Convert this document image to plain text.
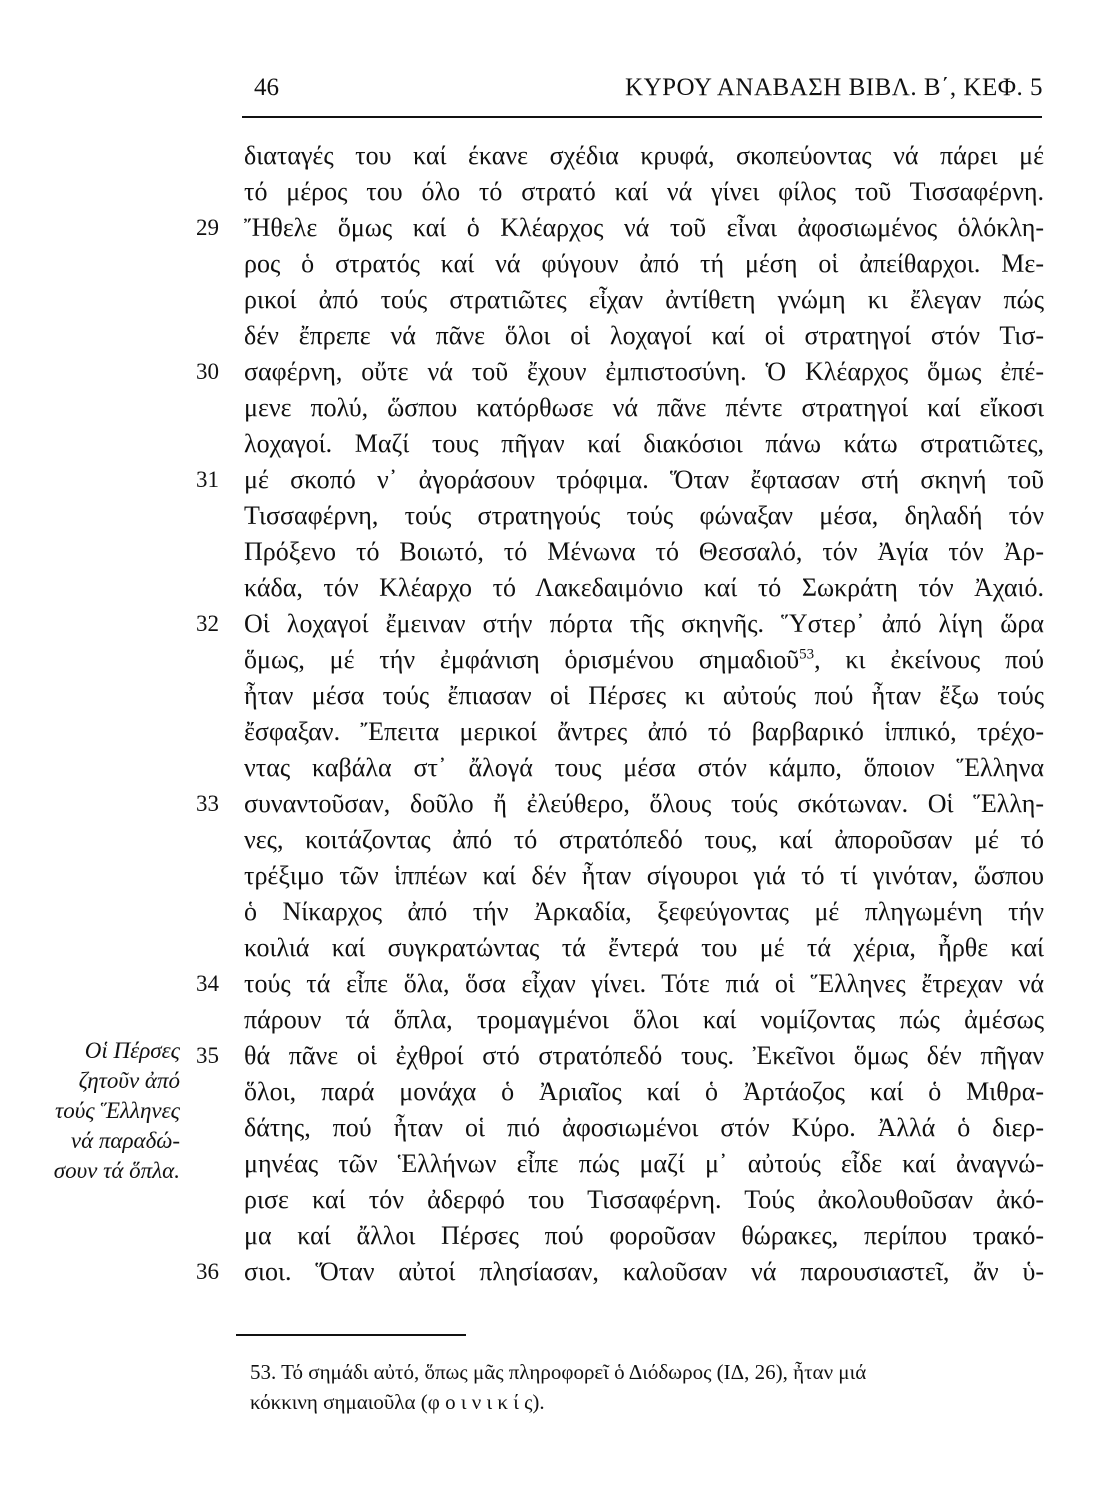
46	ΚΥΡΟΥ ΑΝΑΒΑΣΗ ΒΙΒΛ. Β΄, ΚΕΦ. 5
διαταγές του καί έκανε σχέδια κρυφά, σκοπεύοντας νά πάρει μέ
τό μέρος του όλο τό στρατό καί νά γίνει φίλος τοῦ Τισσαφέρνη.
Ἤθελε ὅμως καί ὁ Κλέαρχος νά τοῦ εἶναι ἀφοσιωμένος ὁλόκλη-
ρος ὁ στρατός καί νά φύγουν ἀπό τή μέση οἱ ἀπείθαρχοι. Με-
ρικοί ἀπό τούς στρατιῶτες εἶχαν ἀντίθετη γνώμη κι ἔλεγαν πώς
δέν ἔπρεπε νά πᾶνε ὅλοι οἱ λοχαγοί καί οἱ στρατηγοί στόν Τισ-
σαφέρνη, οὔτε νά τοῦ ἔχουν ἐμπιστοσύνη. Ὁ Κλέαρχος ὅμως ἐπέ-
μενε πολύ, ὥσπου κατόρθωσε νά πᾶνε πέντε στρατηγοί καί εἴκοσι
λοχαγοί. Μαζί τους πῆγαν καί διακόσιοι πάνω κάτω στρατιῶτες,
μέ σκοπό ν᾽ ἀγοράσουν τρόφιμα. Ὅταν ἔφτασαν στή σκηνή τοῦ
Τισσαφέρνη, τούς στρατηγούς τούς φώναξαν μέσα, δηλαδή τόν
Πρόξενο τό Βοιωτό, τό Μένωνα τό Θεσσαλό, τόν Ἀγία τόν Ἀρ-
κάδα, τόν Κλέαρχο τό Λακεδαιμόνιο καί τό Σωκράτη τόν Ἀχαιό.
Οἱ λοχαγοί ἔμειναν στήν πόρτα τῆς σκηνῆς. Ὕστερ᾽ ἀπό λίγη ὥρα
ὅμως, μέ τήν ἐμφάνιση ὁρισμένου σημαδιοῦ$^{53}$, κι ἐκείνους πού
ἦταν μέσα τούς ἔπιασαν οἱ Πέρσες κι αὐτούς πού ἦταν ἔξω τούς
ἔσφαξαν. Ἔπειτα μερικοί ἄντρες ἀπό τό βαρβαρικό ἱππικό, τρέχο-
ντας καβάλα στ᾽ ἄλογά τους μέσα στόν κάμπο, ὅποιον Ἕλληνα
συναντοῦσαν, δοῦλο ἤ ἐλεύθερο, ὅλους τούς σκότωναν. Οἱ Ἕλλη-
νες, κοιτάζοντας ἀπό τό στρατόπεδό τους, καί ἀποροῦσαν μέ τό
τρέξιμο τῶν ἱππέων καί δέν ἦταν σίγουροι γιά τό τί γινόταν, ὥσπου
ὁ Νίκαρχος ἀπό τήν Ἀρκαδία, ξεφεύγοντας μέ πληγωμένη τήν
κοιλιά καί συγκρατώντας τά ἔντερά του μέ τά χέρια, ἦρθε καί
τούς τά εἶπε ὅλα, ὅσα εἶχαν γίνει. Τότε πιά οἱ Ἕλληνες ἔτρεχαν νά
πάρουν τά ὅπλα, τρομαγμένοι ὅλοι καί νομίζοντας πώς ἀμέσως
θά πᾶνε οἱ ἐχθροί στό στρατόπεδό τους. Ἐκεῖνοι ὅμως δέν πῆγαν
ὅλοι, παρά μονάχα ὁ Ἀριαῖος καί ὁ Ἀρτάοζος καί ὁ Μιθρα-
δάτης, πού ἦταν οἱ πιό ἀφοσιωμένοι στόν Κύρο. Ἀλλά ὁ διερ-
μηνέας τῶν Ἑλλήνων εἶπε πώς μαζί μ᾽ αὐτούς εἶδε καί ἀναγνώ-
ρισε καί τόν ἀδερφό του Τισσαφέρνη. Τούς ἀκολουθοῦσαν ἀκό-
μα καί ἄλλοι Πέρσες πού φοροῦσαν θώρακες, περίπου τρακό-
σιοι. Ὅταν αὐτοί πλησίασαν, καλοῦσαν νά παρουσιαστεῖ, ἄν ὑ-
29
30
31
32
33
34
35
36
Οἱ Πέρσες
ζητοῦν ἀπό
τούς Ἕλληνες
νά παραδώ-
σουν τά ὅπλα.
53. Τό σημάδι αὐτό, ὅπως μᾶς πληροφορεῖ ὁ Διόδωρος (ΙΔ, 26), ἦταν μιά
κόκκινη σημαιοῦλα (φ ο ι ν ι κ ί ς).
